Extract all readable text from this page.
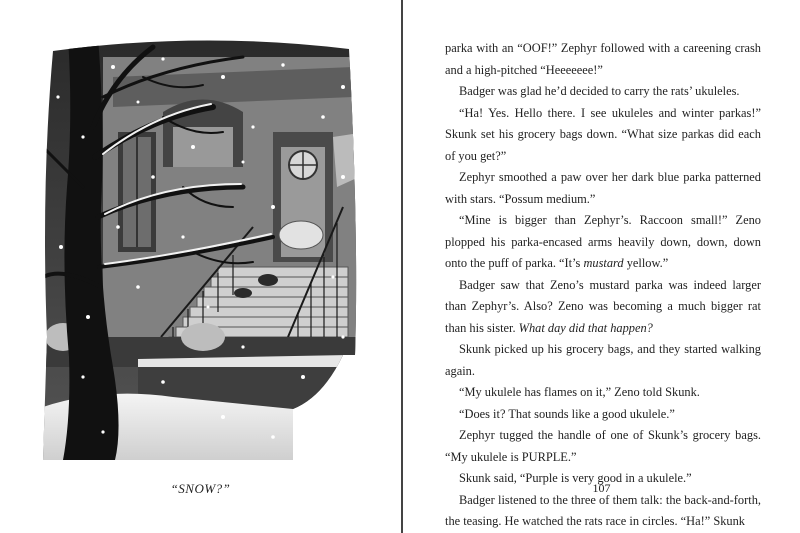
“SNOW?”

parka with an “OOF!” Zephyr followed with a careening crash and a high-pitched “Heeeeeee!”

Badger was glad he’d decided to carry the rats’ ukuleles.

“Ha! Yes. Hello there. I see ukuleles and winter parkas!” Skunk set his grocery bags down. “What size parkas did each of you get?”

Zephyr smoothed a paw over her dark blue parka patterned with stars. “Possum medium.”

“Mine is bigger than Zephyr’s. Raccoon small!” Zeno plopped his parka-encased arms heavily down, down, down onto the puff of parka. “It’s mustard yellow.”

Badger saw that Zeno’s mustard parka was indeed larger than Zephyr’s. Also? Zeno was becoming a much bigger rat than his sister. What day did that happen?

Skunk picked up his grocery bags, and they started walking again.

“My ukulele has flames on it,” Zeno told Skunk.

“Does it? That sounds like a good ukulele.”

Zephyr tugged the handle of one of Skunk’s grocery bags. “My ukulele is PURPLE.”

Skunk said, “Purple is very good in a ukulele.”

Badger listened to the three of them talk: the back-and-forth, the teasing. He watched the rats race in circles. “Ha!” Skunk

107
